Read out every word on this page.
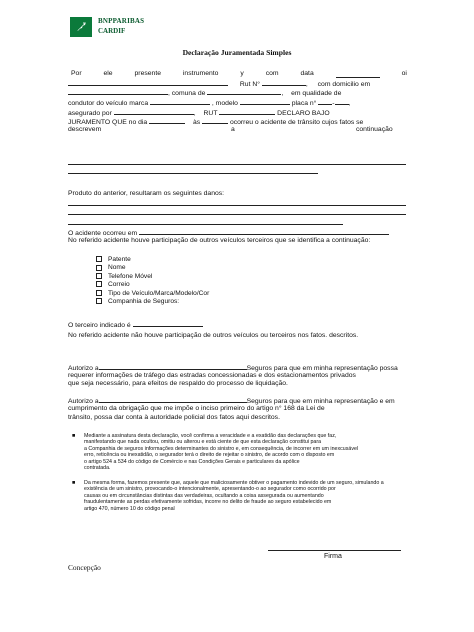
BNPPARIBAS
CARDIF
Declaração Juramentada Simples
Por	ele	presente	instrumento	y	com	data	oi
Rut N°	, com domicilio em
, comuna de	, em qualidade de
condutor do veículo marca	, modelo	placa n° - ,
asegurado por	, RUT	DECLARO BAJO
JURAMENTO QUE no dia	às	ocorreu o acidente de trânsito cujos fatos se
descrevem	a	continuação
Produto do anterior, resultaram os seguintes danos:
O acidente ocorreu em
No referido acidente houve participação de outros veículos terceiros que se identifica a continuação:
Patente
Nome
Telefone Móvel
Correio
Tipo de Veículo/Marca/Modelo/Cor
Companhia de Seguros:
O terceiro indicado é
No referido acidente não houve participação de outros veículos ou terceiros nos fatos. descritos.
Autorizo a	Seguros para que em minha representação possa
requerer informações de tráfego das estradas concessionadas e dos estacionamentos privados
que seja necessário, para efeitos de respaldo do processo de liquidação.
Autorizo a	Seguros para que em minha representação e em
cumprimento da obrigação que me impõe o inciso primeiro do artigo n° 168 da Lei de
trânsito, possa dar conta à autoridade policial dos fatos aqui descritos.
■ Mediante a assinatura desta declaração, você confirma a veracidade e a exatidão das declarações que faz,
manifestando que nada ocultou, omitiu ou alterou e está ciente de que esta declaração constitui para
a Companhia de seguros informações determinantes do sinistro e, em consequência, de incorrer em um inexcusável
erro, reticência ou inexatidão, o segurador terá o direito de rejeitar o sinistro, de acordo com o disposto em
o artigo 524 a 534 do código de Comércio e nas Condições Gerais e particulares da apólice
contratada.
■ Da mesma forma, fazemos presente que, aquele que maliciosamente obtiver o pagamento indevido de um seguro, simulando a
existência de um sinistro, provocando-o intencionalmente, apresentando-o ao segurador como ocorrido por
causas ou em circunstâncias distintas das verdadeiras, ocultando a coisa assegurada ou aumentando
fraudulentamente as perdas efetivamente sofridas, incorre no delito de fraude ao seguro estabelecido em
artigo 470, número 10 do código penal
Firma
Concepção
